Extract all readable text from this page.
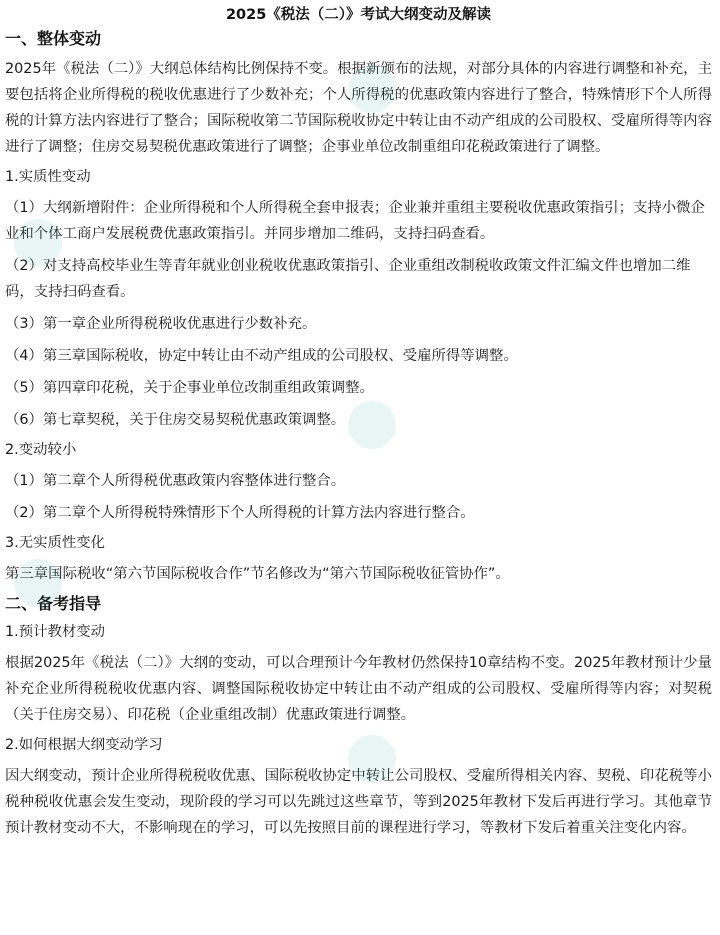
2025《税法（二）》考试大纲变动及解读
一、整体变动
2025年《税法（二）》大纲总体结构比例保持不变。根据新颁布的法规，对部分具体的内容进行调整和补充，主要包括将企业所得税的税收优惠进行了少数补充；个人所得税的优惠政策内容进行了整合，特殊情形下个人所得税的计算方法内容进行了整合；国际税收第二节国际税收协定中转让由不动产组成的公司股权、受雇所得等内容进行了调整；住房交易契税优惠政策进行了调整；企事业单位改制重组印花税政策进行了调整。
1.实质性变动
（1）大纲新增附件：企业所得税和个人所得税全套申报表；企业兼并重组主要税收优惠政策指引；支持小微企业和个体工商户发展税费优惠政策指引。并同步增加二维码，支持扫码查看。
（2）对支持高校毕业生等青年就业创业税收优惠政策指引、企业重组改制税收政策文件汇编文件也增加二维码，支持扫码查看。
（3）第一章企业所得税税收优惠进行少数补充。
（4）第三章国际税收，协定中转让由不动产组成的公司股权、受雇所得等调整。
（5）第四章印花税，关于企事业单位改制重组政策调整。
（6）第七章契税，关于住房交易契税优惠政策调整。
2.变动较小
（1）第二章个人所得税优惠政策内容整体进行整合。
（2）第二章个人所得税特殊情形下个人所得税的计算方法内容进行整合。
3.无实质性变化
第三章国际税收“第六节国际税收合作”节名修改为“第六节国际税收征管协作”。
二、备考指导
1.预计教材变动
根据2025年《税法（二）》大纲的变动，可以合理预计今年教材仍然保持10章结构不变。2025年教材预计少量补充企业所得税税收优惠内容、调整国际税收协定中转让由不动产组成的公司股权、受雇所得等内容；对契税（关于住房交易）、印花税（企业重组改制）优惠政策进行调整。
2.如何根据大纲变动学习
因大纲变动，预计企业所得税税收优惠、国际税收协定中转让公司股权、受雇所得相关内容、契税、印花税等小税种税收优惠会发生变动，现阶段的学习可以先跳过这些章节，等到2025年教材下发后再进行学习。其他章节预计教材变动不大，不影响现在的学习，可以先按照目前的课程进行学习，等教材下发后着重关注变化内容。
